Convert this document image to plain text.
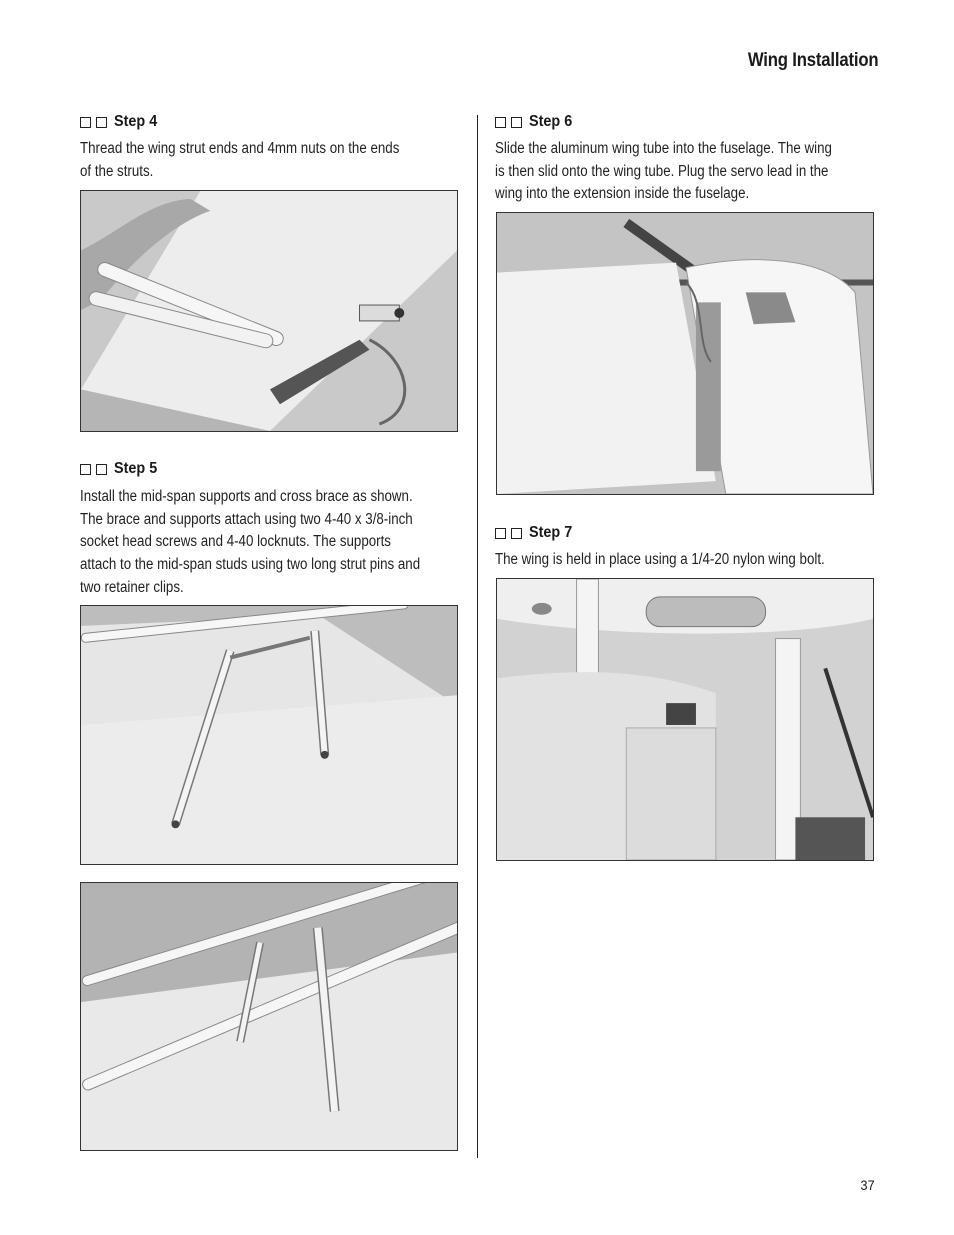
Wing Installation
Step 4
Thread the wing strut ends and 4mm nuts on the ends
of the struts.
Step 5
Install the mid-span supports and cross brace as shown.
The brace and supports attach using two 4-40 x 3/8-inch
socket head screws and 4-40 locknuts. The supports
attach to the mid-span studs using two long strut pins and
two retainer clips.
Step 6
Slide the aluminum wing tube into the fuselage. The wing
is then slid onto the wing tube. Plug the servo lead in the
wing into the extension inside the fuselage.
Step 7
The wing is held in place using a 1/4-20 nylon wing bolt.
37
